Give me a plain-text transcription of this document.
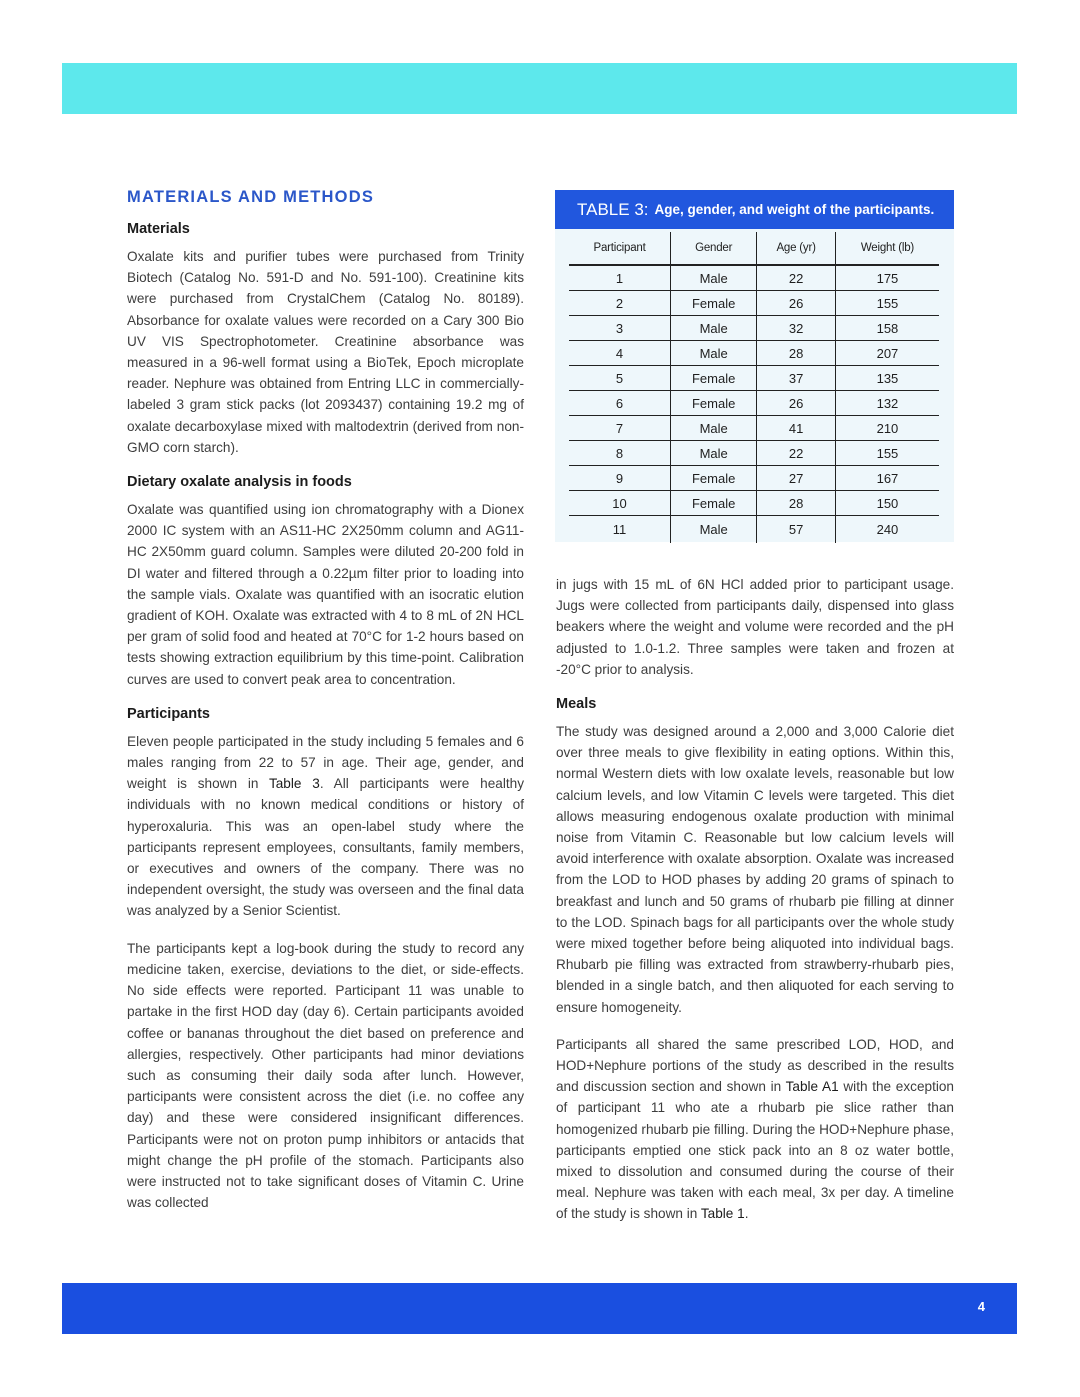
MATERIALS AND METHODS
Materials

Oxalate kits and purifier tubes were purchased from Trinity Biotech (Catalog No. 591-D and No. 591-100). Creatinine kits were purchased from CrystalChem (Catalog No. 80189). Absorbance for oxalate values were recorded on a Cary 300 Bio UV VIS Spectrophotometer. Creatinine absorbance was measured in a 96-well format using a BioTek, Epoch microplate reader. Nephure was obtained from Entring LLC in commercially-labeled 3 gram stick packs (lot 2093437) containing 19.2 mg of oxalate decarboxylase mixed with maltodextrin (derived from non-GMO corn starch).

Dietary oxalate analysis in foods

Oxalate was quantified using ion chromatography with a Dionex 2000 IC system with an AS11-HC 2X250mm column and AG11-HC 2X50mm guard column. Samples were diluted 20-200 fold in DI water and filtered through a 0.22µm filter prior to loading into the sample vials. Oxalate was quantified with an isocratic elution gradient of KOH. Oxalate was extracted with 4 to 8 mL of 2N HCL per gram of solid food and heated at 70°C for 1-2 hours based on tests showing extraction equilibrium by this time-point. Calibration curves are used to convert peak area to concentration.

Participants

Eleven people participated in the study including 5 females and 6 males ranging from 22 to 57 in age. Their age, gender, and weight is shown in Table 3. All participants were healthy individuals with no known medical conditions or history of hyperoxaluria. This was an open-label study where the participants represent employees, consultants, family members, or executives and owners of the company. There was no independent oversight, the study was overseen and the final data was analyzed by a Senior Scientist.

The participants kept a log-book during the study to record any medicine taken, exercise, deviations to the diet, or side-effects. No side effects were reported. Participant 11 was unable to partake in the first HOD day (day 6). Certain participants avoided coffee or bananas throughout the diet based on preference and allergies, respectively. Other participants had minor deviations such as consuming their daily soda after lunch. However, participants were consistent across the diet (i.e. no coffee any day) and these were considered insignificant differences. Participants were not on proton pump inhibitors or antacids that might change the pH profile of the stomach. Participants also were instructed not to take significant doses of Vitamin C. Urine was collected

TABLE 3: Age, gender, and weight of the participants.
Participant	Gender	Age (yr)	Weight (lb)
1	Male	22	175
2	Female	26	155
3	Male	32	158
4	Male	28	207
5	Female	37	135
6	Female	26	132
7	Male	41	210
8	Male	22	155
9	Female	27	167
10	Female	28	150
11	Male	57	240

in jugs with 15 mL of 6N HCl added prior to participant usage. Jugs were collected from participants daily, dispensed into glass beakers where the weight and volume were recorded and the pH adjusted to 1.0-1.2. Three samples were taken and frozen at -20°C prior to analysis.

Meals

The study was designed around a 2,000 and 3,000 Calorie diet over three meals to give flexibility in eating options. Within this, normal Western diets with low oxalate levels, reasonable but low calcium levels, and low Vitamin C levels were targeted. This diet allows measuring endogenous oxalate production with minimal noise from Vitamin C. Reasonable but low calcium levels will avoid interference with oxalate absorption. Oxalate was increased from the LOD to HOD phases by adding 20 grams of spinach to breakfast and lunch and 50 grams of rhubarb pie filling at dinner to the LOD. Spinach bags for all participants over the whole study were mixed together before being aliquoted into individual bags. Rhubarb pie filling was extracted from strawberry-rhubarb pies, blended in a single batch, and then aliquoted for each serving to ensure homogeneity.

Participants all shared the same prescribed LOD, HOD, and HOD+Nephure portions of the study as described in the results and discussion section and shown in Table A1 with the exception of participant 11 who ate a rhubarb pie slice rather than homogenized rhubarb pie filling. During the HOD+Nephure phase, participants emptied one stick pack into an 8 oz water bottle, mixed to dissolution and consumed during the course of their meal. Nephure was taken with each meal, 3x per day. A timeline of the study is shown in Table 1.

4
